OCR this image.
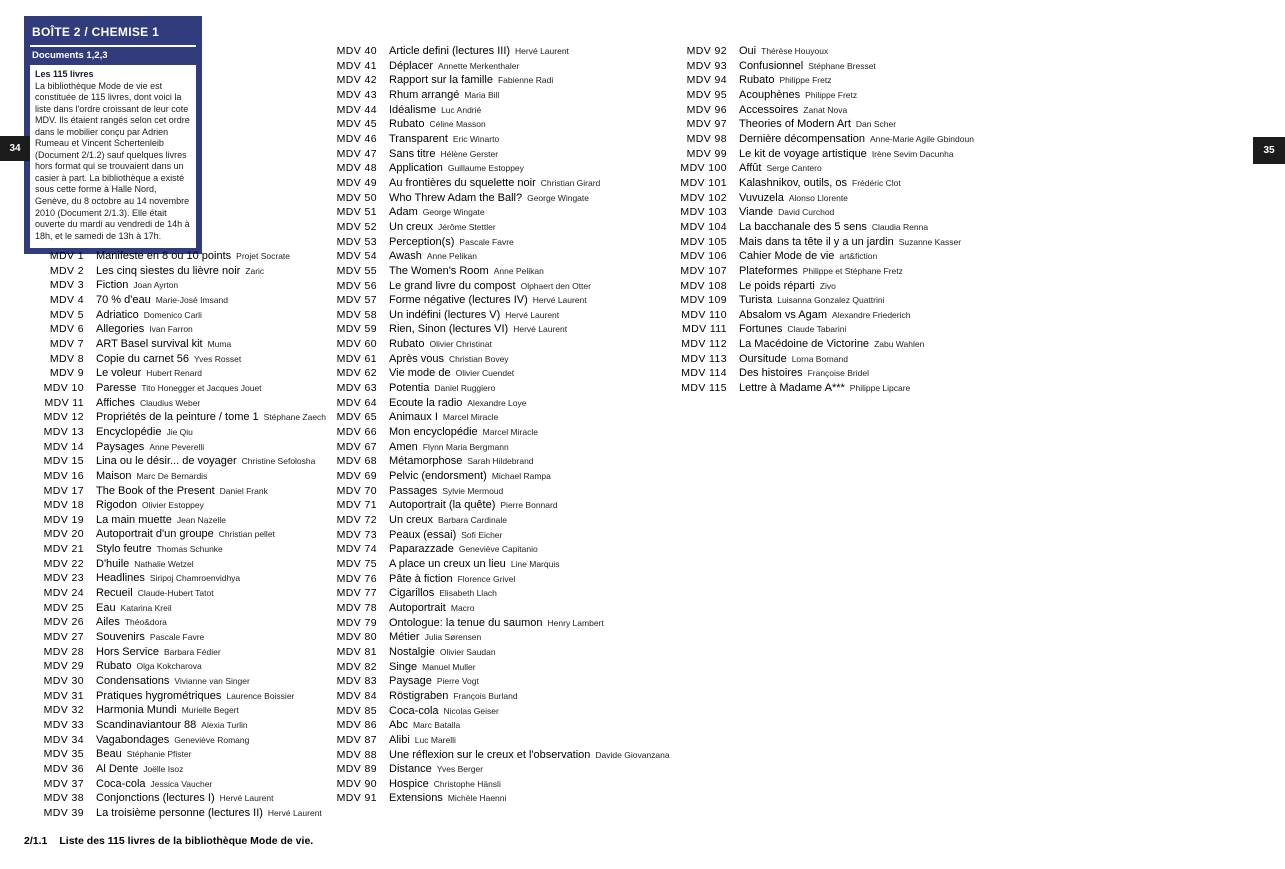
BOÎTE 2 / CHEMISE 1
Documents 1,2,3
Les 115 livres
La bibliothèque Mode de vie est constituée de 115 livres, dont voici la liste dans l'ordre croissant de leur cote MDV. Ils étaient rangés selon cet ordre dans le mobilier conçu par Adrien Rumeau et Vincent Schertenleib (Document 2/1.2) sauf quelques livres hors format qui se trouvaient dans un casier à part. La bibliothèque a existé sous cette forme à Halle Nord, Genève, du 8 octobre au 14 novembre 2010 (Document 2/1.3). Elle était ouverte du mardi au vendredi de 14h à 18h, et le samedi de 13h à 17h.
34	35
MDV 1 Manifeste en 8 ou 10 points Projet Socrate
MDV 2 Les cinq siestes du lièvre noir Zaric
MDV 3 Fiction Joan Ayrton
MDV 4 70 % d'eau Marie-José Imsand
MDV 5 Adriatico Domenico Carli
MDV 6 Allegories Ivan Farron
MDV 7 ART Basel survival kit Muma
MDV 8 Copie du carnet 56 Yves Rosset
MDV 9 Le voleur Hubert Renard
MDV 10 Paresse Tito Honegger et Jacques Jouet
MDV 11 Affiches Claudius Weber
MDV 12 Propriétés de la peinture / tome 1 Stéphane Zaech
MDV 13 Encyclopédie Jie Qiu
MDV 14 Paysages Anne Peverelli
MDV 15 Lina ou le désir... de voyager Christine Sefolosha
MDV 16 Maison Marc De Bernardis
MDV 17 The Book of the Present Daniel Frank
MDV 18 Rigodon Olivier Estoppey
MDV 19 La main muette Jean Nazelle
MDV 20 Autoportrait d'un groupe Christian pellet
MDV 21 Stylo feutre Thomas Schunke
MDV 22 D'huile Nathalie Wetzel
MDV 23 Headlines Siripoj Chamroenvidhya
MDV 24 Recueil Claude-Hubert Tatot
MDV 25 Eau Katarina Kreil
MDV 26 Ailes Théo&dora
MDV 27 Souvenirs Pascale Favre
MDV 28 Hors Service Barbara Fédier
MDV 29 Rubato Olga Kokcharova
MDV 30 Condensations Vivianne van Singer
MDV 31 Pratiques hygrométriques Laurence Boissier
MDV 32 Harmonia Mundi Murielle Begert
MDV 33 Scandinaviantour 88 Alexia Turlin
MDV 34 Vagabondages Geneviève Romang
MDV 35 Beau Stéphanie Pfister
MDV 36 Al Dente Joëlle Isoz
MDV 37 Coca-cola Jessica Vaucher
MDV 38 Conjonctions (lectures I) Hervé Laurent
MDV 39 La troisième personne (lectures II) Hervé Laurent
MDV 40 Article defini (lectures III) Hervé Laurent
MDV 41 Déplacer Annette Merkenthaler
MDV 42 Rapport sur la famille Fabienne Radi
MDV 43 Rhum arrangé Maria Bill
MDV 44 Idéalisme Luc Andrié
MDV 45 Rubato Céline Masson
MDV 46 Transparent Eric Winarto
MDV 47 Sans titre Hélène Gerster
MDV 48 Application Guillaume Estoppey
MDV 49 Au frontières du squelette noir Christian Girard
MDV 50 Who Threw Adam the Ball? George Wingate
MDV 51 Adam George Wingate
MDV 52 Un creux Jérôme Stettler
MDV 53 Perception(s) Pascale Favre
MDV 54 Awash Anne Pelikan
MDV 55 The Women's Room Anne Pelikan
MDV 56 Le grand livre du compost Olphaert den Otter
MDV 57 Forme négative (lectures IV) Hervé Laurent
MDV 58 Un indéfini (lectures V) Hervé Laurent
MDV 59 Rien, Sinon (lectures VI) Hervé Laurent
MDV 60 Rubato Olivier Christinat
MDV 61 Après vous Christian Bovey
MDV 62 Vie mode de Olivier Cuendet
MDV 63 Potentia Daniel Ruggiero
MDV 64 Ecoute la radio Alexandre Loye
MDV 65 Animaux I Marcel Miracle
MDV 66 Mon encyclopédie Marcel Miracle
MDV 67 Amen Flynn Maria Bergmann
MDV 68 Métamorphose Sarah Hildebrand
MDV 69 Pelvic (endorsment) Michael Rampa
MDV 70 Passages Sylvie Mermoud
MDV 71 Autoportrait (la quête) Pierre Bonnard
MDV 72 Un creux Barbara Cardinale
MDV 73 Peaux (essai) Sofi Eicher
MDV 74 Paparazzade Geneviève Capitanio
MDV 75 A place un creux un lieu Line Marquis
MDV 76 Pâte à fiction Florence Grivel
MDV 77 Cigarillos Elisabeth Llach
MDV 78 Autoportrait Macro
MDV 79 Ontologue: la tenue du saumon Henry Lambert
MDV 80 Métier Julia Sørensen
MDV 81 Nostalgie Olivier Saudan
MDV 82 Singe Manuel Muller
MDV 83 Paysage Pierre Vogt
MDV 84 Röstigraben François Burland
MDV 85 Coca-cola Nicolas Geiser
MDV 86 Abc Marc Batalla
MDV 87 Alibi Luc Marelli
MDV 88 Une réflexion sur le creux et l'observation Davide Giovanzana
MDV 89 Distance Yves Berger
MDV 90 Hospice Christophe Hänsli
MDV 91 Extensions Michèle Haenni
MDV 92 Oui Thérèse Houyoux
MDV 93 Confusionnel Stéphane Bresset
MDV 94 Rubato Philippe Fretz
MDV 95 Acouphènes Philippe Fretz
MDV 96 Accessoires Zanat Nova
MDV 97 Theories of Modern Art Dan Scher
MDV 98 Dernière décompensation Anne-Marie Agile Gbindoun
MDV 99 Le kit de voyage artistique Irène Sevim Dacunha
MDV 100 Affût Serge Cantero
MDV 101 Kalashnikov, outils, os Frédéric Clot
MDV 102 Vuvuzela Alonso Llorente
MDV 103 Viande David Curchod
MDV 104 La bacchanale des 5 sens Claudia Renna
MDV 105 Mais dans ta tête il y a un jardin Suzanne Kasser
MDV 106 Cahier Mode de vie art&fiction
MDV 107 Plateformes Philippe et Stéphane Fretz
MDV 108 Le poids réparti Zivo
MDV 109 Turista Luisanna Gonzalez Quattrini
MDV 110 Absalom vs Agam Alexandre Friederich
MDV 111 Fortunes Claude Tabarini
MDV 112 La Macédoine de Victorine Zabu Wahlen
MDV 113 Oursitude Lorna Bornand
MDV 114 Des histoires Françoise Bridel
MDV 115 Lettre à Madame A*** Philippe Lipcare
2/1.1 Liste des 115 livres de la bibliothèque Mode de vie.
